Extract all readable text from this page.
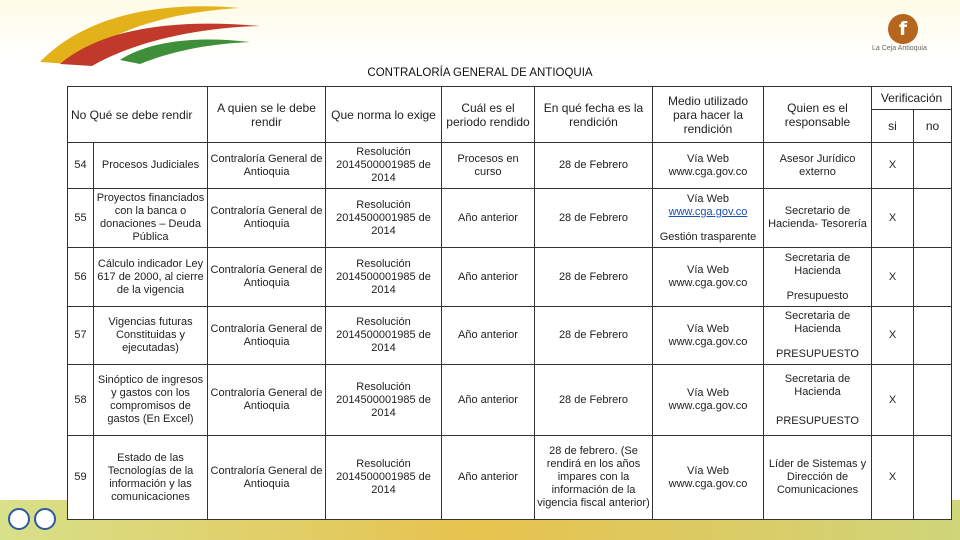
f
La Ceja Antioquia
CONTRALORÍA GENERAL DE ANTIOQUIA
No Qué se debe rendir		A quien se le debe rendir	Que norma lo exige	Cuál es el periodo rendido	En qué fecha es la rendición	Medio utilizado para hacer la rendición	Quien es el responsable	Verificación	
								si	no
54	Procesos Judiciales	Contraloría General de Antioquia	Resolución 2014500001985 de 2014	Procesos en curso	28 de Febrero	Vía Web www.cga.gov.co	Asesor Jurídico externo	X	
55	Proyectos financiados con la banca o donaciones – Deuda Pública	Contraloría General de Antioquia	Resolución 2014500001985 de 2014	Año anterior	28 de Febrero	Vía Web
www.cga.gov.co
Gestión trasparente	Secretario de Hacienda- Tesorería	X	
56	Cálculo indicador Ley 617 de 2000, al cierre de la vigencia	Contraloría General de Antioquia	Resolución 2014500001985 de 2014	Año anterior	28 de Febrero	Vía Web www.cga.gov.co	Secretaria de Hacienda
Presupuesto	X	
57	Vigencias futuras Constituidas y ejecutadas)	Contraloría General de Antioquia	Resolución 2014500001985 de 2014	Año anterior	28 de Febrero	Vía Web www.cga.gov.co	Secretaria de Hacienda
PRESUPUESTO	X	
58	Sinóptico de ingresos y gastos con los compromisos de gastos (En Excel)	Contraloría General de Antioquia	Resolución 2014500001985 de 2014	Año anterior	28 de Febrero	Vía Web www.cga.gov.co	Secretaria de Hacienda
PRESUPUESTO	X	
59	Estado de las Tecnologías de la información y las comunicaciones	Contraloría General de Antioquia	Resolución 2014500001985 de 2014	Año anterior	28 de febrero. (Se rendirá en los años impares con la información de la vigencia fiscal anterior)	Vía Web www.cga.gov.co	Líder de Sistemas y Dirección de Comunicaciones	X	
